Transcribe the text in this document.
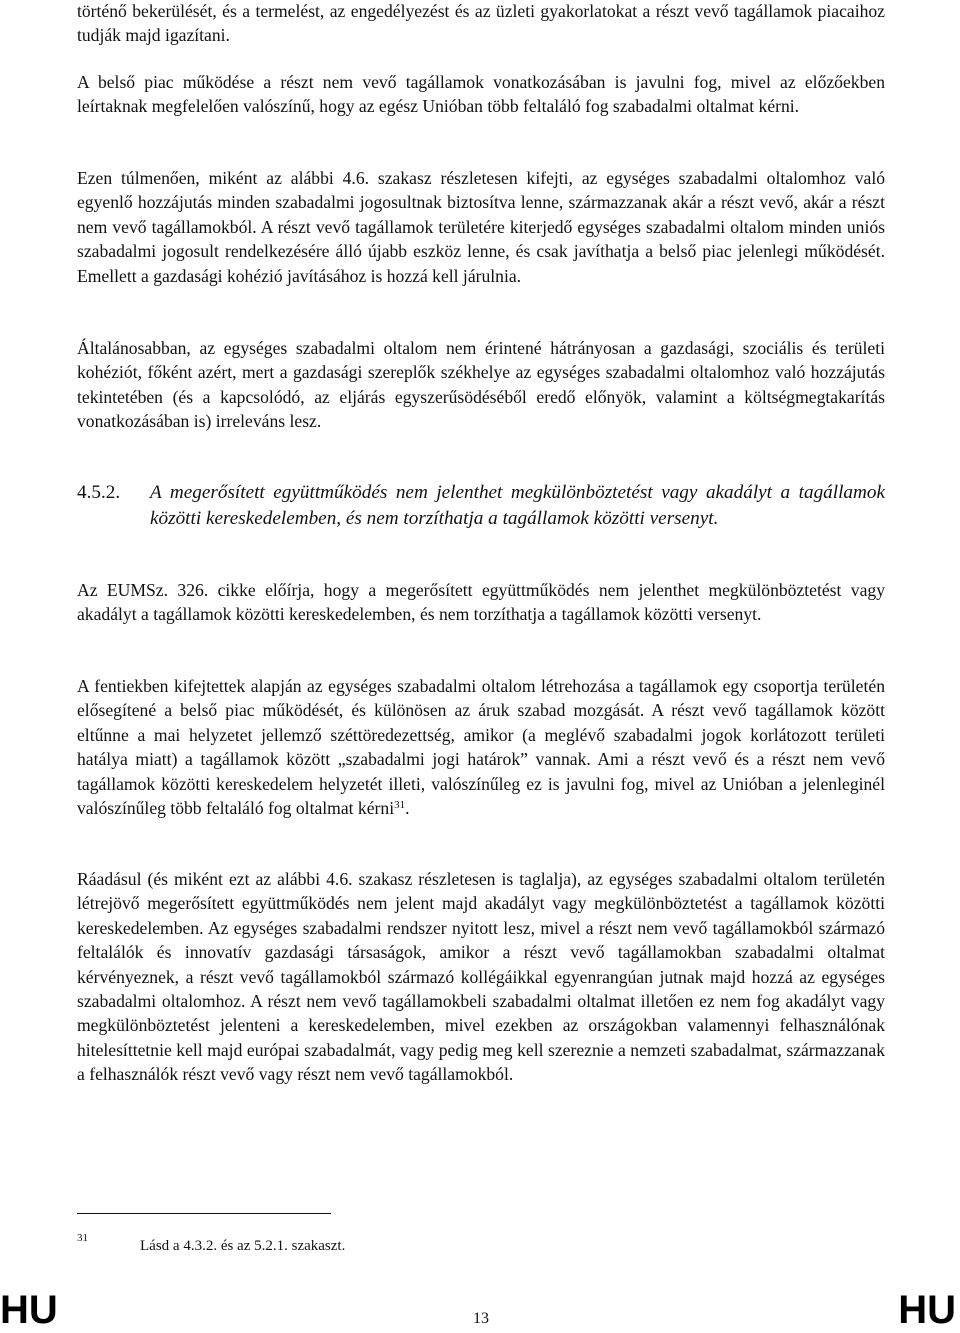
történő bekerülését, és a termelést, az engedélyezést és az üzleti gyakorlatokat a részt vevő tagállamok piacaihoz tudják majd igazítani.
A belső piac működése a részt nem vevő tagállamok vonatkozásában is javulni fog, mivel az előzőekben leírtaknak megfelelően valószínű, hogy az egész Unióban több feltaláló fog szabadalmi oltalmat kérni.
Ezen túlmenően, miként az alábbi 4.6. szakasz részletesen kifejti, az egységes szabadalmi oltalomhoz való egyenlő hozzájutás minden szabadalmi jogosultnak biztosítva lenne, származzanak akár a részt vevő, akár a részt nem vevő tagállamokból. A részt vevő tagállamok területére kiterjedő egységes szabadalmi oltalom minden uniós szabadalmi jogosult rendelkezésére álló újabb eszköz lenne, és csak javíthatja a belső piac jelenlegi működését. Emellett a gazdasági kohézió javításához is hozzá kell járulnia.
Általánosabban, az egységes szabadalmi oltalom nem érintené hátrányosan a gazdasági, szociális és területi kohéziót, főként azért, mert a gazdasági szereplők székhelye az egységes szabadalmi oltalomhoz való hozzájutás tekintetében (és a kapcsolódó, az eljárás egyszerűsödéséből eredő előnyök, valamint a költségmegtakarítás vonatkozásában is) irreleváns lesz.
4.5.2. A megerősített együttműködés nem jelenthet megkülönböztetést vagy akadályt a tagállamok közötti kereskedelemben, és nem torzíthatja a tagállamok közötti versenyt.
Az EUMSz. 326. cikke előírja, hogy a megerősített együttműködés nem jelenthet megkülönböztetést vagy akadályt a tagállamok közötti kereskedelemben, és nem torzíthatja a tagállamok közötti versenyt.
A fentiekben kifejtettek alapján az egységes szabadalmi oltalom létrehozása a tagállamok egy csoportja területén elősegítené a belső piac működését, és különösen az áruk szabad mozgását. A részt vevő tagállamok között eltűnne a mai helyzetet jellemző széttöredezettség, amikor (a meglévő szabadalmi jogok korlátozott területi hatálya miatt) a tagállamok között „szabadalmi jogi határok” vannak. Ami a részt vevő és a részt nem vevő tagállamok közötti kereskedelem helyzetét illeti, valószínűleg ez is javulni fog, mivel az Unióban a jelenleginél valószínűleg több feltaláló fog oltalmat kérni$^{31}$.
Ráadásul (és miként ezt az alábbi 4.6. szakasz részletesen is taglalja), az egységes szabadalmi oltalom területén létrejövő megerősített együttműködés nem jelent majd akadályt vagy megkülönböztetést a tagállamok közötti kereskedelemben. Az egységes szabadalmi rendszer nyitott lesz, mivel a részt nem vevő tagállamokból származó feltalálók és innovatív gazdasági társaságok, amikor a részt vevő tagállamokban szabadalmi oltalmat kérvényeznek, a részt vevő tagállamokból származó kollégáikkal egyenrangúan jutnak majd hozzá az egységes szabadalmi oltalomhoz. A részt nem vevő tagállamokbeli szabadalmi oltalmat illetően ez nem fog akadályt vagy megkülönböztetést jelenteni a kereskedelemben, mivel ezekben az országokban valamennyi felhasználónak hitelesíttetnie kell majd európai szabadalmát, vagy pedig meg kell szereznie a nemzeti szabadalmat, származzanak a felhasználók részt vevő vagy részt nem vevő tagállamokból.
31	Lásd a 4.3.2. és az 5.2.1. szakaszt.
HU	13	HU
